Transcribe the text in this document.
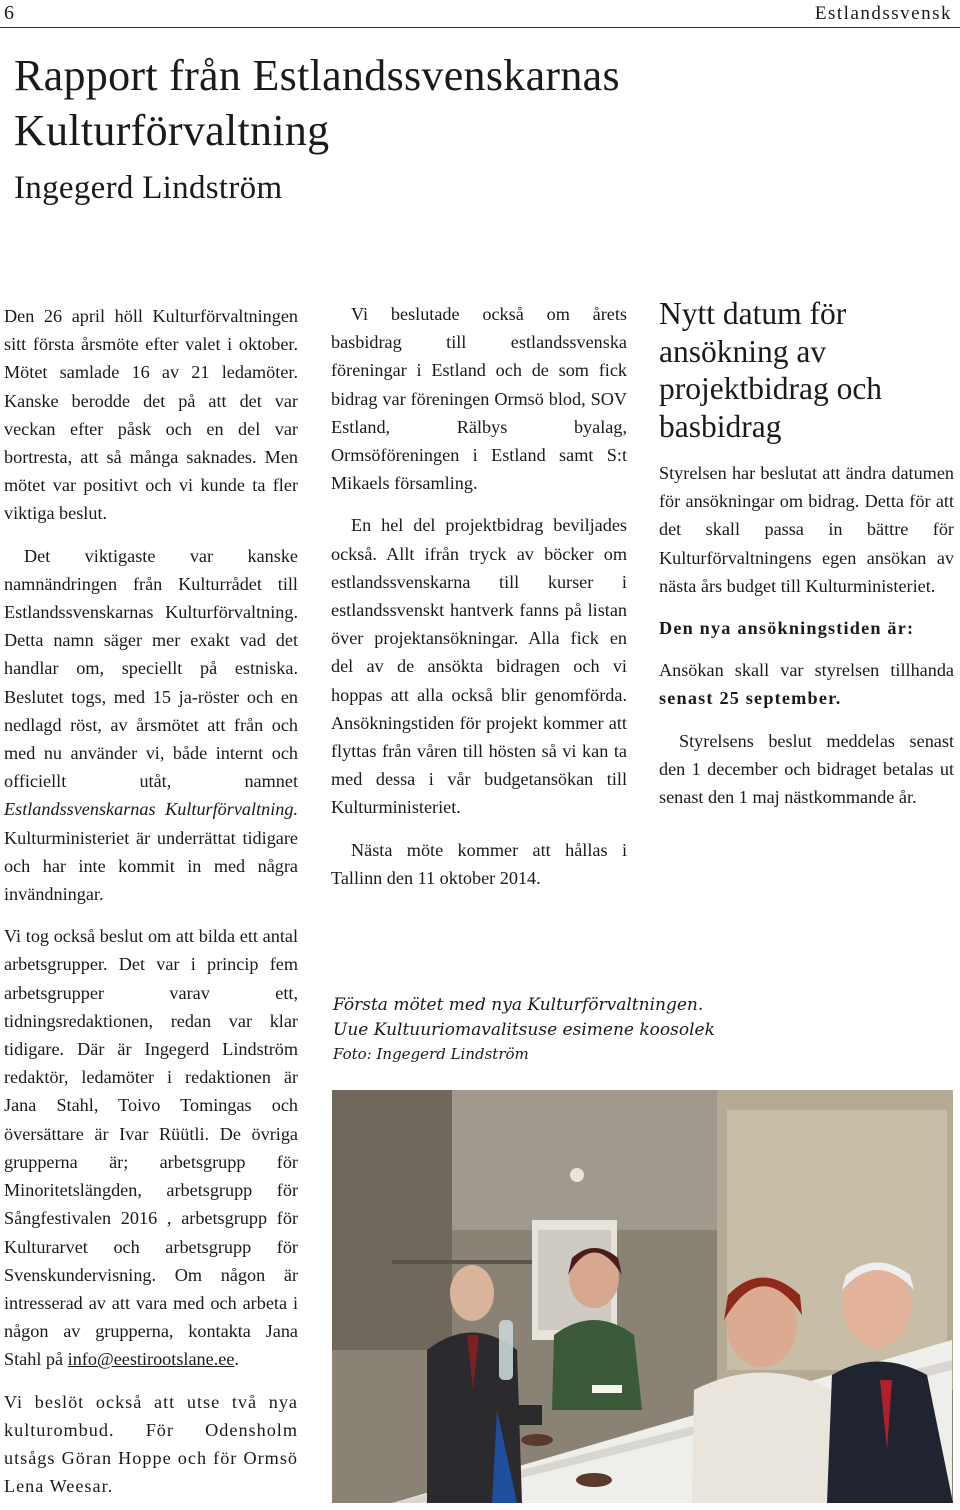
6	Estlandssvensk
Rapport från Estlandssvenskarnas
Kulturförvaltning
Ingegerd Lindström

Den 26 april höll Kulturförvaltningen sitt första årsmöte efter valet i oktober. Mötet samlade 16 av 21 ledamöter. Kanske berodde det på att det var veckan efter påsk och en del var bortresta, att så många saknades. Men mötet var positivt och vi kunde ta fler viktiga beslut.

Det viktigaste var kanske namnändringen från Kulturrådet till Estlandssvenskarnas Kulturförvaltning. Detta namn säger mer exakt vad det handlar om, speciellt på estniska. Beslutet togs, med 15 ja-röster och en nedlagd röst, av årsmötet att från och med nu använder vi, både internt och officiellt utåt, namnet Estlandssvenskarnas Kulturförvaltning. Kulturministeriet är underrättat tidigare och har inte kommit in med några invändningar.

Vi tog också beslut om att bilda ett antal arbetsgrupper. Det var i princip fem arbetsgrupper varav ett, tidningsredaktionen, redan var klar tidigare. Där är Ingegerd Lindström redaktör, ledamöter i redaktionen är Jana Stahl, Toivo Tomingas och översättare är Ivar Rüütli. De övriga grupperna är; arbetsgrupp för Minoritetslängden, arbetsgrupp för Sångfestivalen 2016 , arbetsgrupp för Kulturarvet och arbetsgrupp för Svenskundervisning. Om någon är intresserad av att vara med och arbeta i någon av grupperna, kontakta Jana Stahl på info@eestirootslane.ee.

Vi beslöt också att utse två nya kulturombud. För Odensholm utsågs Göran Hoppe och för Ormsö Lena Weesar.

Vi beslutade också om årets basbidrag till estlandssvenska föreningar i Estland och de som fick bidrag var föreningen Ormsö blod, SOV Estland, Rälbys byalag, Ormsöföreningen i Estland samt S:t Mikaels församling.

En hel del projektbidrag beviljades också. Allt ifrån tryck av böcker om estlandssvenskarna till kurser i estlandssvenskt hantverk fanns på listan över projektansökningar. Alla fick en del av de ansökta bidragen och vi hoppas att alla också blir genomförda. Ansökningstiden för projekt kommer att flyttas från våren till hösten så vi kan ta med dessa i vår budgetansökan till Kulturministeriet.

Nästa möte kommer att hållas i Tallinn den 11 oktober 2014.

Nytt datum för ansökning av projektbidrag och basbidrag

Styrelsen har beslutat att ändra datumen för ansökningar om bidrag. Detta för att det skall passa in bättre för Kulturförvaltningens egen ansökan av nästa års budget till Kulturministeriet.

Den nya ansökningstiden är:

Ansökan skall var styrelsen tillhanda senast 25 september.

Styrelsens beslut meddelas senast den 1 december och bidraget betalas ut senast den 1 maj nästkommande år.

Första mötet med nya Kulturförvaltningen.
Uue Kultuuriomavalitsuse esimene koosolek
Foto: Ingegerd Lindström
